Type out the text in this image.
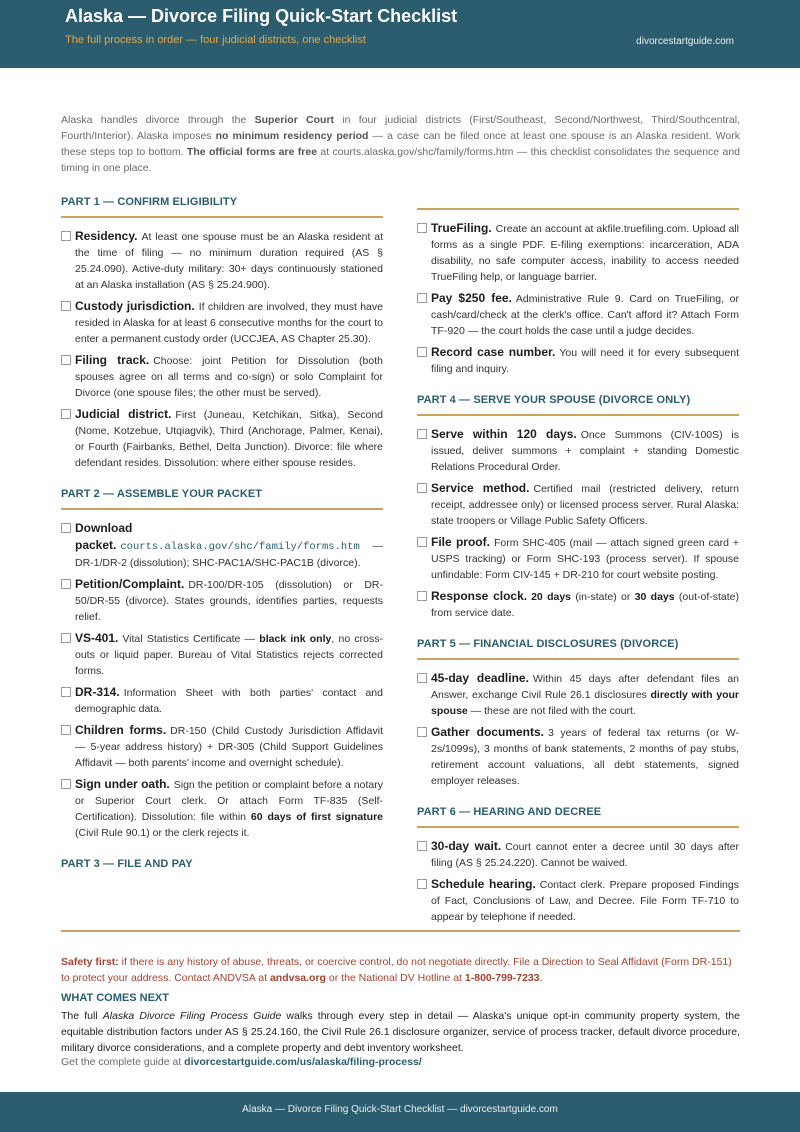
Alaska — Divorce Filing Quick-Start Checklist
The full process in order — four judicial districts, one checklist	divorcestartguide.com
Alaska handles divorce through the Superior Court in four judicial districts (First/Southeast, Second/Northwest, Third/Southcentral, Fourth/Interior). Alaska imposes no minimum residency period — a case can be filed once at least one spouse is an Alaska resident. Work these steps top to bottom. The official forms are free at courts.alaska.gov/shc/family/forms.htm — this checklist consolidates the sequence and timing in one place.
PART 1 — CONFIRM ELIGIBILITY
Residency. At least one spouse must be an Alaska resident at the time of filing — no minimum duration required (AS § 25.24.090). Active-duty military: 30+ days continuously stationed at an Alaska installation (AS § 25.24.900).
Custody jurisdiction. If children are involved, they must have resided in Alaska for at least 6 consecutive months for the court to enter a permanent custody order (UCCJEA, AS Chapter 25.30).
Filing track. Choose: joint Petition for Dissolution (both spouses agree on all terms and co-sign) or solo Complaint for Divorce (one spouse files; the other must be served).
Judicial district. First (Juneau, Ketchikan, Sitka), Second (Nome, Kotzebue, Utqiagvik), Third (Anchorage, Palmer, Kenai), or Fourth (Fairbanks, Bethel, Delta Junction). Divorce: file where defendant resides. Dissolution: where either spouse resides.
PART 2 — ASSEMBLE YOUR PACKET
Download packet. courts.alaska.gov/shc/family/forms.htm — DR-1/DR-2 (dissolution); SHC-PAC1A/SHC-PAC1B (divorce).
Petition/Complaint. DR-100/DR-105 (dissolution) or DR-50/DR-55 (divorce). States grounds, identifies parties, requests relief.
VS-401. Vital Statistics Certificate — black ink only, no cross-outs or liquid paper. Bureau of Vital Statistics rejects corrected forms.
DR-314. Information Sheet with both parties' contact and demographic data.
Children forms. DR-150 (Child Custody Jurisdiction Affidavit — 5-year address history) + DR-305 (Child Support Guidelines Affidavit — both parents' income and overnight schedule).
Sign under oath. Sign the petition or complaint before a notary or Superior Court clerk. Or attach Form TF-835 (Self-Certification). Dissolution: file within 60 days of first signature (Civil Rule 90.1) or the clerk rejects it.
PART 3 — FILE AND PAY
TrueFiling. Create an account at akfile.truefiling.com. Upload all forms as a single PDF. E-filing exemptions: incarceration, ADA disability, no safe computer access, inability to access needed TrueFiling help, or language barrier.
Pay $250 fee. Administrative Rule 9. Card on TrueFiling, or cash/card/check at the clerk's office. Can't afford it? Attach Form TF-920 — the court holds the case until a judge decides.
Record case number. You will need it for every subsequent filing and inquiry.
PART 4 — SERVE YOUR SPOUSE (DIVORCE ONLY)
Serve within 120 days. Once Summons (CIV-100S) is issued, deliver summons + complaint + standing Domestic Relations Procedural Order.
Service method. Certified mail (restricted delivery, return receipt, addressee only) or licensed process server. Rural Alaska: state troopers or Village Public Safety Officers.
File proof. Form SHC-405 (mail — attach signed green card + USPS tracking) or Form SHC-193 (process server). If spouse unfindable: Form CIV-145 + DR-210 for court website posting.
Response clock. 20 days (in-state) or 30 days (out-of-state) from service date.
PART 5 — FINANCIAL DISCLOSURES (DIVORCE)
45-day deadline. Within 45 days after defendant files an Answer, exchange Civil Rule 26.1 disclosures directly with your spouse — these are not filed with the court.
Gather documents. 3 years of federal tax returns (or W-2s/1099s), 3 months of bank statements, 2 months of pay stubs, retirement account valuations, all debt statements, signed employer releases.
PART 6 — HEARING AND DECREE
30-day wait. Court cannot enter a decree until 30 days after filing (AS § 25.24.220). Cannot be waived.
Schedule hearing. Contact clerk. Prepare proposed Findings of Fact, Conclusions of Law, and Decree. File Form TF-710 to appear by telephone if needed.
Safety first: if there is any history of abuse, threats, or coercive control, do not negotiate directly. File a Direction to Seal Affidavit (Form DR-151) to protect your address. Contact ANDVSA at andvsa.org or the National DV Hotline at 1-800-799-7233.
WHAT COMES NEXT
The full Alaska Divorce Filing Process Guide walks through every step in detail — Alaska's unique opt-in community property system, the equitable distribution factors under AS § 25.24.160, the Civil Rule 26.1 disclosure organizer, service of process tracker, default divorce procedure, military divorce considerations, and a complete property and debt inventory worksheet.
Get the complete guide at divorcestartguide.com/us/alaska/filing-process/
Alaska — Divorce Filing Quick-Start Checklist — divorcestartguide.com
